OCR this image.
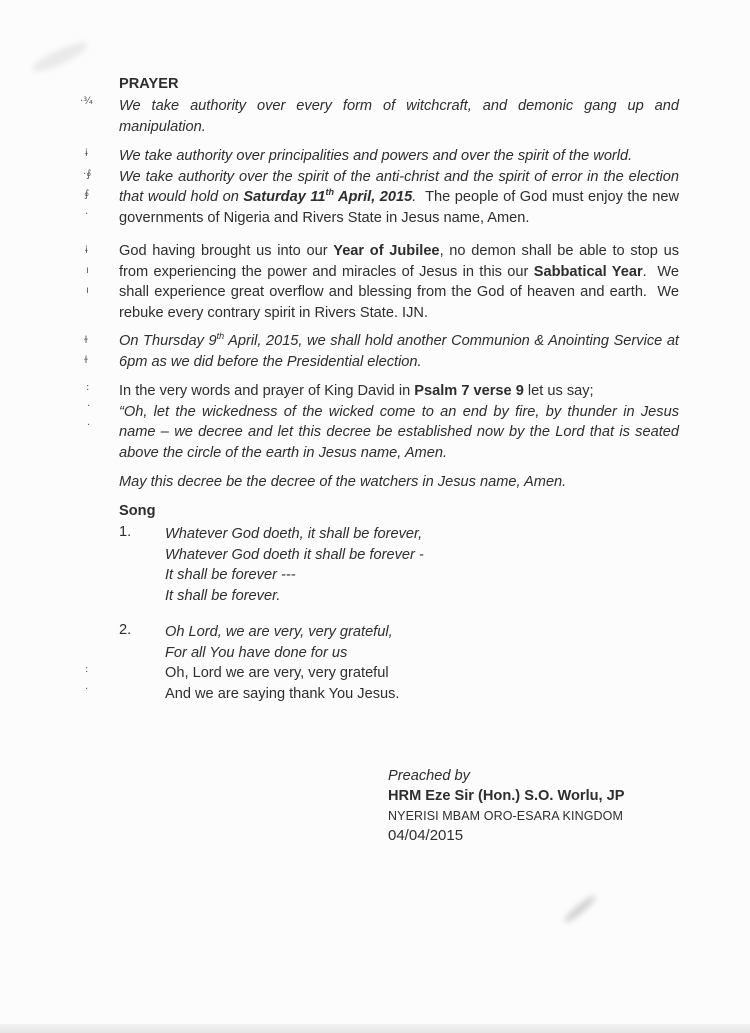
·¾
ɨ
·∮
∮
·
ɨ
ı
ı
ɫ
ɫ
:
·
·
:
·
PRAYER
We take authority over every form of witchcraft, and demonic gang up and manipulation.
We take authority over principalities and powers and over the spirit of the world.
We take authority over the spirit of the anti-christ and the spirit of error in the election that would hold on Saturday 11th April, 2015.  The people of God must enjoy the new governments of Nigeria and Rivers State in Jesus name, Amen.
God having brought us into our Year of Jubilee, no demon shall be able to stop us from experiencing the power and miracles of Jesus in this our Sabbatical Year.  We shall experience great overflow and blessing from the God of heaven and earth.  We rebuke every contrary spirit in Rivers State. IJN.
On Thursday 9th April, 2015, we shall hold another Communion & Anointing Service at 6pm as we did before the Presidential election.
In the very words and prayer of King David in Psalm 7 verse 9 let us say;
“Oh, let the wickedness of the wicked come to an end by fire, by thunder in Jesus name – we decree and let this decree be established now by the Lord that is seated above the circle of the earth in Jesus name, Amen.
May this decree be the decree of the watchers in Jesus name, Amen.
Song
1. Whatever God doeth, it shall be forever,
Whatever God doeth it shall be forever -
It shall be forever ---
It shall be forever.
2. Oh Lord, we are very, very grateful,
For all You have done for us
Oh, Lord we are very, very grateful
And we are saying thank You Jesus.
Preached by
HRM Eze Sir (Hon.) S.O. Worlu, JP
NYERISI MBAM ORO-ESARA KINGDOM
04/04/2015
